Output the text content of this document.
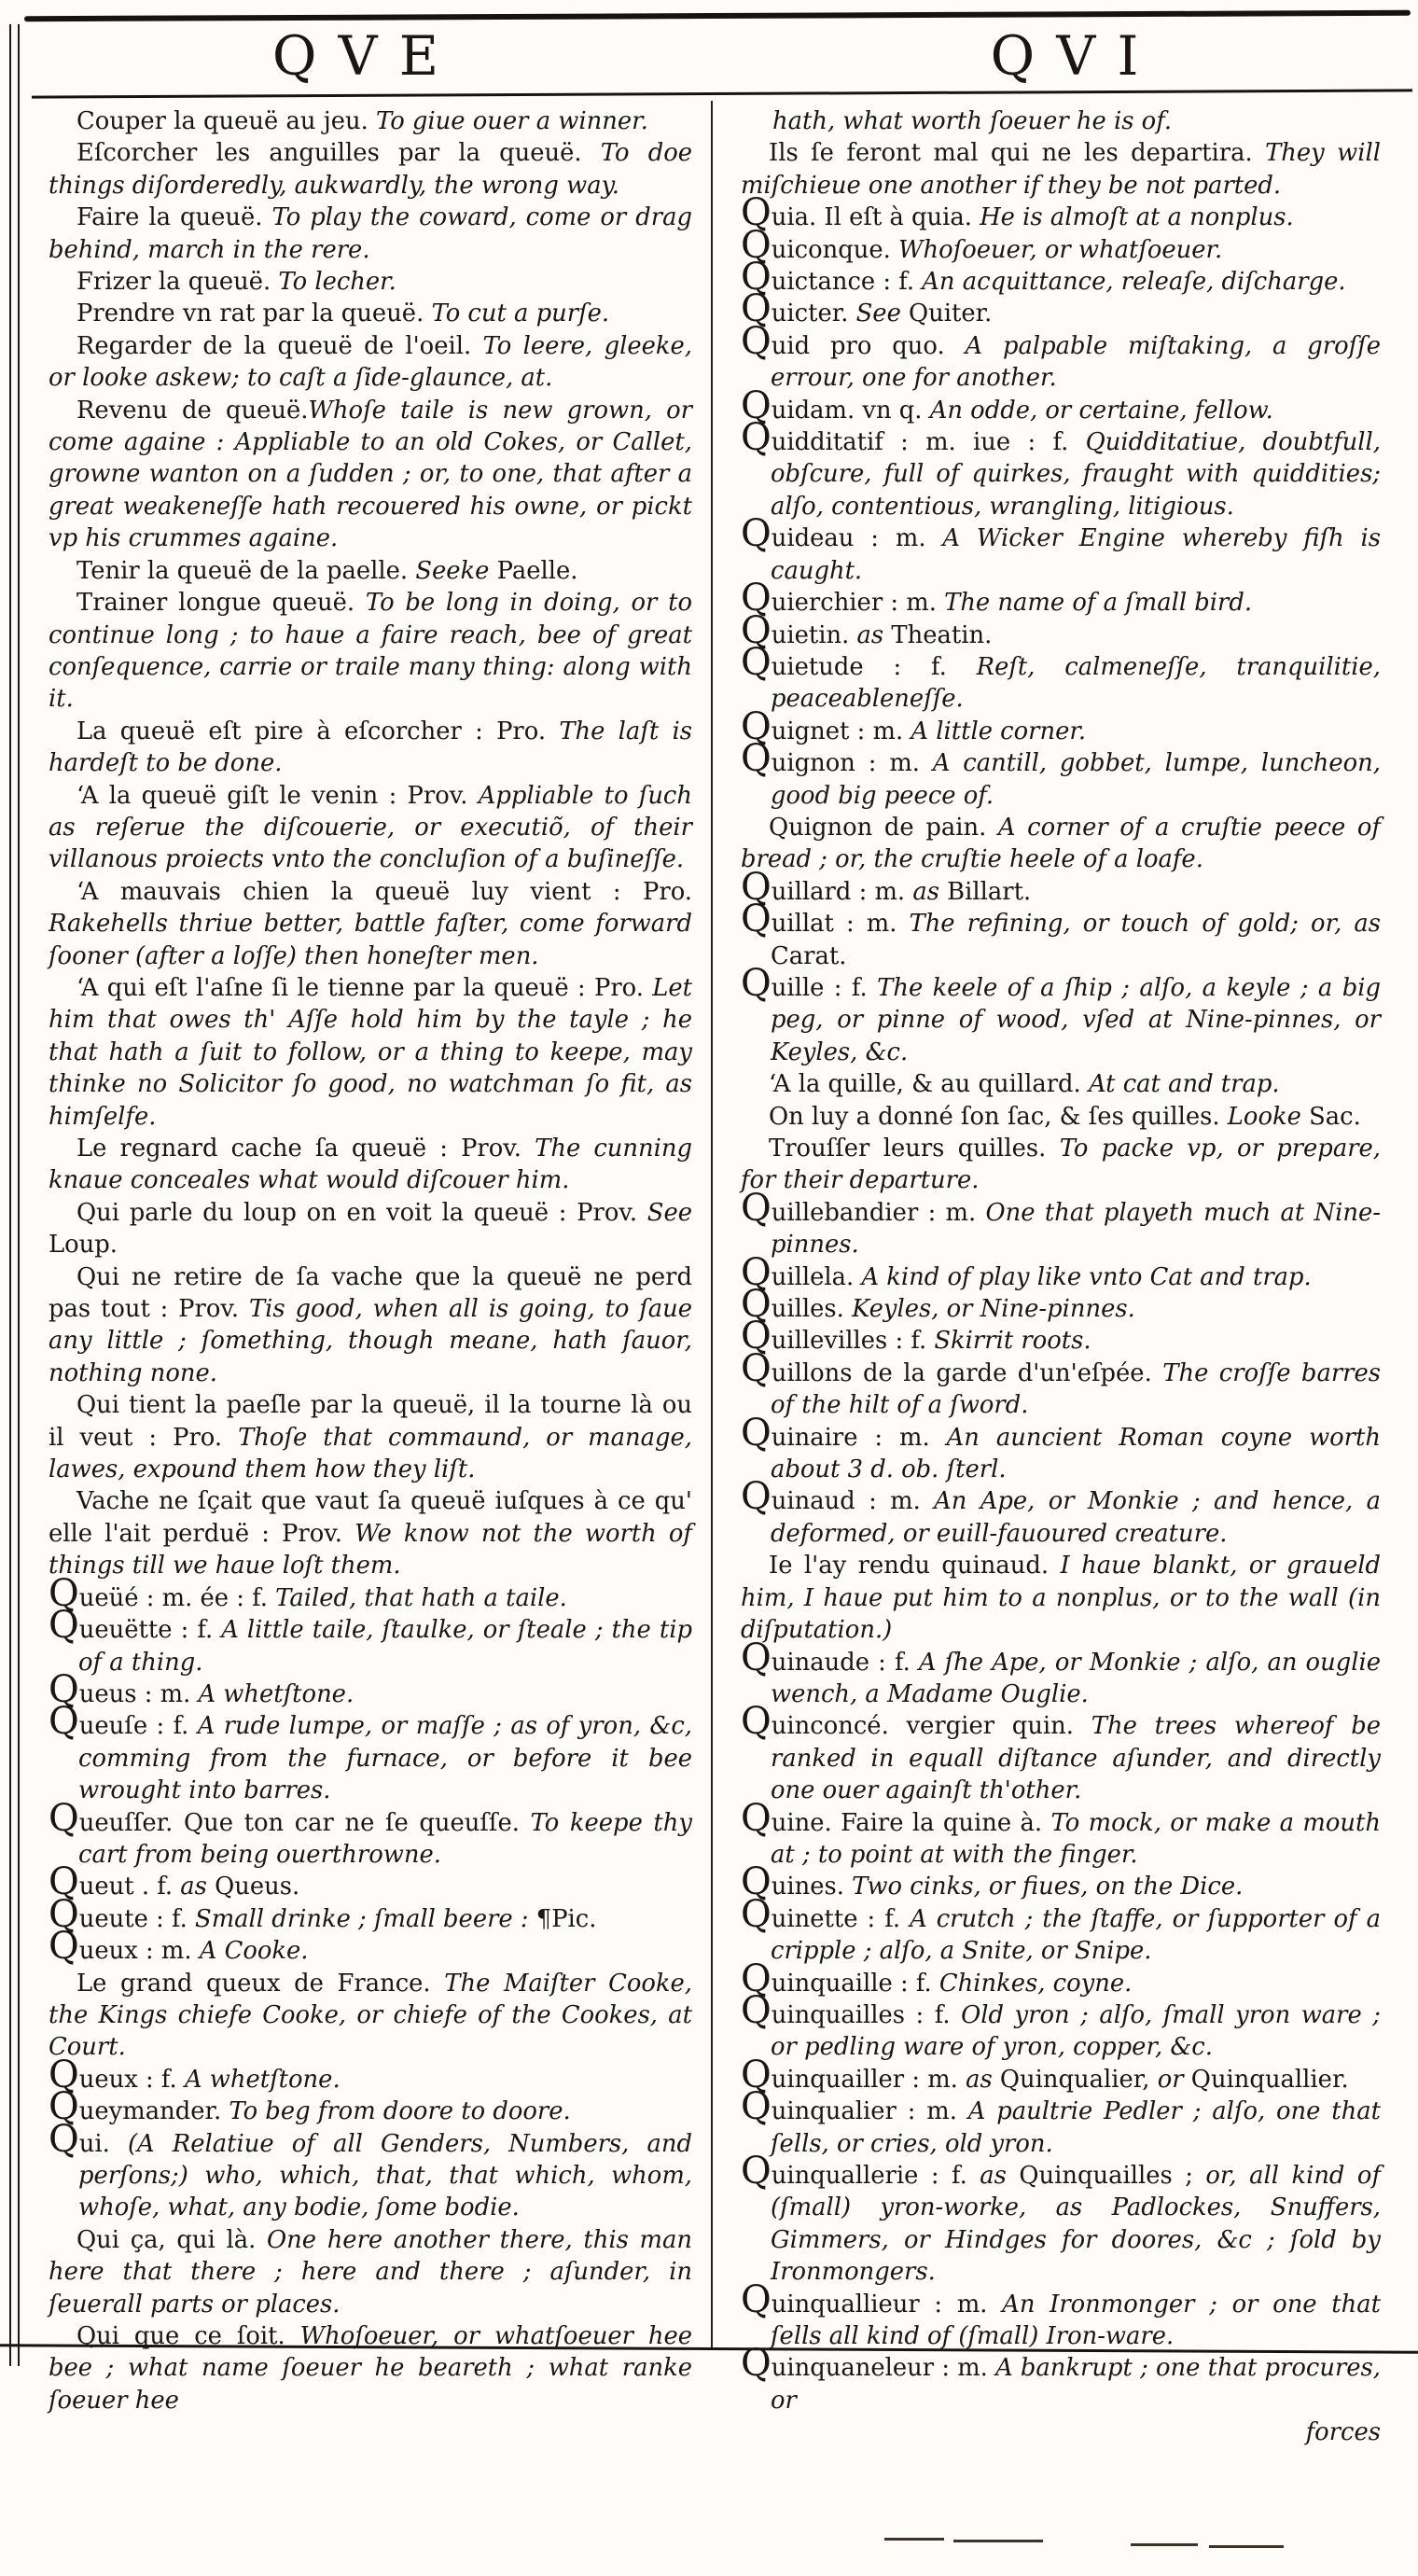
QVE	QVI

Couper la queuë au jeu. To giue ouer a winner.

Eſcorcher les anguilles par la queuë. To doe things diſorderedly, aukwardly, the wrong way.

Faire la queuë. To play the coward, come or drag behind, march in the rere.

Frizer la queuë. To lecher.

Prendre vn rat par la queuë. To cut a purſe.

Regarder de la queuë de l'oeil. To leere, gleeke, or looke askew; to caſt a ſide-glaunce, at.

Revenu de queuë.Whoſe taile is new grown, or come againe : Appliable to an old Cokes, or Callet, growne wanton on a ſudden ; or, to one, that after a great weakeneſſe hath recouered his owne, or pickt vp his crummes againe.

Tenir la queuë de la paelle. Seeke Paelle.

Trainer longue queuë. To be long in doing, or to continue long ; to haue a faire reach, bee of great conſequence, carrie or traile many thing: along with it.

La queuë eſt pire à eſcorcher : Pro. The laſt is hardeſt to be done.

‘A la queuë giſt le venin : Prov. Appliable to ſuch as reſerue the diſcouerie, or executiõ, of their villanous proiects vnto the concluſion of a buſineſſe.

‘A mauvais chien la queuë luy vient : Pro. Rakehells thriue better, battle faſter, come forward ſooner (after a loſſe) then honeſter men.

‘A qui eſt l'aſne ſi le tienne par la queuë : Pro. Let him that owes th' Aſſe hold him by the tayle ; he that hath a ſuit to follow, or a thing to keepe, may thinke no Solicitor ſo good, no watchman ſo fit, as himſelfe.

Le regnard cache ſa queuë : Prov. The cunning knaue conceales what would diſcouer him.

Qui parle du loup on en voit la queuë : Prov. See Loup.

Qui ne retire de ſa vache que la queuë ne perd pas tout : Prov. Tis good, when all is going, to ſaue any little ; ſomething, though meane, hath ſauor, nothing none.

Qui tient la paeſle par la queuë, il la tourne là ou il veut : Pro. Thoſe that commaund, or manage, lawes, expound them how they liſt.

Vache ne ſçait que vaut ſa queuë iuſques à ce qu' elle l'ait perduë : Prov. We know not the worth of things till we haue loſt them.

Queüé : m. ée : f. Tailed, that hath a taile.

Queuëtte : f. A little taile, ſtaulke, or ſteale ; the tip of a thing.

Queus : m. A whetſtone.

Queuſe : f. A rude lumpe, or maſſe ; as of yron, &c, comming from the furnace, or before it bee wrought into barres.

Queuſſer. Que ton car ne ſe queuſſe. To keepe thy cart from being ouerthrowne.

Queut . f. as Queus.

Queute : f. Small drinke ; ſmall beere : ¶Pic.

Queux : m. A Cooke.

Le grand queux de France. The Maiſter Cooke, the Kings chiefe Cooke, or chiefe of the Cookes, at Court.

Queux : f. A whetſtone.

Queymander. To beg from doore to doore.

Qui. (A Relatiue of all Genders, Numbers, and perſons;) who, which, that, that which, whom, whoſe, what, any bodie, ſome bodie.

Qui ça, qui là. One here another there, this man here that there ; here and there ; aſunder, in ſeuerall parts or places.

Qui que ce ſoit. Whoſoeuer, or whatſoeuer hee bee ; what name ſoeuer he beareth ; what ranke ſoeuer hee

hath, what worth ſoeuer he is of.

Ils ſe feront mal qui ne les departira. They will miſchieue one another if they be not parted.

Quia. Il eſt à quia. He is almoſt at a nonplus.

Quiconque. Whoſoeuer, or whatſoeuer.

Quictance : f. An acquittance, releaſe, diſcharge.

Quicter. See Quiter.

Quid pro quo. A palpable miſtaking, a groſſe errour, one for another.

Quidam. vn q. An odde, or certaine, fellow.

Quidditatif : m. iue : f. Quidditatiue, doubtfull, obſcure, full of quirkes, fraught with quiddities; alſo, contentious, wrangling, litigious.

Quideau : m. A Wicker Engine whereby fiſh is caught.

Quierchier : m. The name of a ſmall bird.

Quietin. as Theatin.

Quietude : f. Reſt, calmeneſſe, tranquilitie, peaceableneſſe.

Quignet : m. A little corner.

Quignon : m. A cantill, gobbet, lumpe, luncheon, good big peece of.

Quignon de pain. A corner of a cruſtie peece of bread ; or, the cruſtie heele of a loafe.

Quillard : m. as Billart.

Quillat : m. The refining, or touch of gold; or, as Carat.

Quille : f. The keele of a ſhip ; alſo, a keyle ; a big peg, or pinne of wood, vſed at Nine-pinnes, or Keyles, &c.

‘A la quille, & au quillard. At cat and trap.

On luy a donné ſon ſac, & ſes quilles. Looke Sac.

Trouſſer leurs quilles. To packe vp, or prepare, for their departure.

Quillebandier : m. One that playeth much at Nine-pinnes.

Quillela. A kind of play like vnto Cat and trap.

Quilles. Keyles, or Nine-pinnes.

Quillevilles : f. Skirrit roots.

Quillons de la garde d'un'eſpée. The croſſe barres of the hilt of a ſword.

Quinaire : m. An auncient Roman coyne worth about 3 d. ob. ſterl.

Quinaud : m. An Ape, or Monkie ; and hence, a deformed, or euill-fauoured creature.

Ie l'ay rendu quinaud. I haue blankt, or graueld him, I haue put him to a nonplus, or to the wall (in diſputation.)

Quinaude : f. A ſhe Ape, or Monkie ; alſo, an ouglie wench, a Madame Ouglie.

Quinconcé. vergier quin. The trees whereof be ranked in equall diſtance aſunder, and directly one ouer againſt th'other.

Quine. Faire la quine à. To mock, or make a mouth at ; to point at with the finger.

Quines. Two cinks, or fiues, on the Dice.

Quinette : f. A crutch ; the ſtaffe, or ſupporter of a cripple ; alſo, a Snite, or Snipe.

Quinquaille : f. Chinkes, coyne.

Quinquailles : f. Old yron ; alſo, ſmall yron ware ; or pedling ware of yron, copper, &c.

Quinquailler : m. as Quinqualier, or Quinquallier.

Quinqualier : m. A paultrie Pedler ; alſo, one that ſells, or cries, old yron.

Quinquallerie : f. as Quinquailles ; or, all kind of (ſmall) yron-worke, as Padlockes, Snuffers, Gimmers, or Hindges for doores, &c ; ſold by Ironmongers.

Quinquallieur : m. An Ironmonger ; or one that ſells all kind of (ſmall) Iron-ware.

Quinquaneleur : m. A bankrupt ; one that procures, or

forces
